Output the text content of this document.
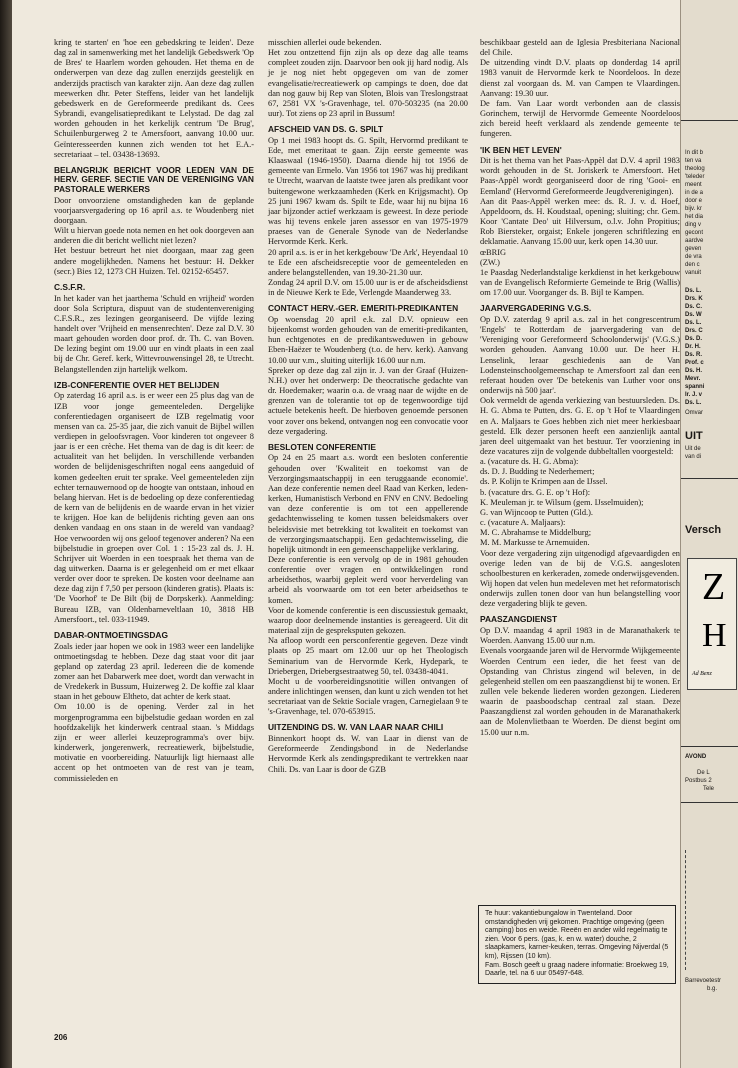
kring te starten' en 'hoe een gebedskring te leiden'. Deze dag zal in samenwerking met het landelijk Gebedswerk 'Op de Bres' te Haarlem worden gehouden. Het thema en de onderwerpen van deze dag zullen enerzijds geestelijk en anderzijds practisch van karakter zijn. Aan deze dag zullen meewerken dhr. Peter Steffens, leider van het landelijk gebedswerk en de Gereformeerde predikant ds. Cees Sybrandi, evangelisatiepredikant te Lelystad. De dag zal worden gehouden in het kerkelijk centrum 'De Brug', Schuilenburgerweg 2 te Amersfoort, aanvang 10.00 uur. Geïnteresseerden kunnen zich wenden tot het E.A.-secretariaat – tel. 03438-13693.

BELANGRIJK BERICHT VOOR LEDEN VAN DE HERV. GEREF. SECTIE VAN DE VERENIGING VAN PASTORALE WERKERS

Door onvoorziene omstandigheden kan de geplande voorjaarsvergadering op 16 april a.s. te Woudenberg niet doorgaan.

Wilt u hiervan goede nota nemen en het ook doorgeven aan anderen die dit bericht wellicht niet lezen?

Het bestuur betreurt het niet doorgaan, maar zag geen andere mogelijkheden. Namens het bestuur: H. Dekker (secr.) Bies 12, 1273 CH Huizen. Tel. 02152-65457.

C.S.F.R.

In het kader van het jaarthema 'Schuld en vrijheid' worden door Sola Scriptura, dispuut van de studentenvereniging C.F.S.R., zes lezingen georganiseerd. De vijfde lezing handelt over 'Vrijheid en mensenrechten'. Deze zal D.V. 30 maart gehouden worden door prof. dr. Th. C. van Boven. De lezing begint om 19.00 uur en vindt plaats in een zaal bij de Chr. Geref. kerk, Wittevrouwensingel 28, te Utrecht. Belangstellenden zijn hartelijk welkom.

IZB-CONFERENTIE OVER HET BELIJDEN

Op zaterdag 16 april a.s. is er weer een 25 plus dag van de IZB voor jonge gemeenteleden. Dergelijke conferentiedagen organiseert de IZB regelmatig voor mensen van ca. 25-35 jaar, die zich vanuit de Bijbel willen verdiepen in geloofsvragen. Voor kinderen tot ongeveer 8 jaar is er een crèche. Het thema van de dag is dit keer: de actualiteit van het belijden. In verschillende verbanden worden de belijdenisgeschriften nogal eens aangeduid of komen gedeelten eruit ter sprake. Veel gemeenteleden zijn echter ternauwernood op de hoogte van ontstaan, inhoud en belang hiervan. Het is de bedoeling op deze conferentiedag de kern van de belijdenis en de waarde ervan in het vizier te krijgen. Hoe kan de belijdenis richting geven aan ons denken vandaag en ons staan in de wereld van vandaag? Hoe verwoorden wij ons geloof tegenover anderen? Na een bijbelstudie in groepen over Col. 1 : 15-23 zal ds. J. H. Schrijver uit Woerden in een toespraak het thema van de dag uitwerken. Daarna is er gelegenheid om er met elkaar verder over door te spreken. De kosten voor deelname aan deze dag zijn f 7,50 per persoon (kinderen gratis). Plaats is: 'De Voorhof' te De Bilt (bij de Dorpskerk). Aanmelding: Bureau IZB, van Oldenbarneveltlaan 10, 3818 HB Amersfoort., tel. 033-11949.

DABAR-ONTMOETINGSDAG

Zoals ieder jaar hopen we ook in 1983 weer een landelijke ontmoetingsdag te hebben. Deze dag staat voor dit jaar gepland op zaterdag 23 april. Iedereen die de komende zomer aan het Dabarwerk mee doet, wordt dan verwacht in de Vredekerk in Bussum, Huizerweg 2. De koffie zal klaar staan in het gebouw Eltheto, dat achter de kerk staat.

Om 10.00 is de opening. Verder zal in het morgenprogramma een bijbelstudie gedaan worden en zal hoofdzakelijk het kinderwerk centraal staan. 's Middags zijn er weer allerlei keuzeprogramma's over bijv. kinderwerk, jongerenwerk, recreatiewerk, bijbelstudie, motivatie en voorbereiding. Natuurlijk ligt hiernaast alle accent op het ontmoeten van de rest van je team, commissieleden en

misschien allerlei oude bekenden.

Het zou ontzettend fijn zijn als op deze dag alle teams compleet zouden zijn. Daarvoor ben ook jij hard nodig. Als je je nog niet hebt opgegeven om van de zomer evangelisatie/recreatiewerk op campings te doen, doe dat dan nog gauw bij Rep van Sloten, Blois van Treslongstraat 67, 2581 VX 's-Gravenhage, tel. 070-503235 (na 20.00 uur). Tot ziens op 23 april in Bussum!

AFSCHEID VAN DS. G. SPILT

Op 1 mei 1983 hoopt ds. G. Spilt, Hervormd predikant te Ede, met emeritaat te gaan. Zijn eerste gemeente was Klaaswaal (1946-1950). Daarna diende hij tot 1956 de gemeente van Ermelo. Van 1956 tot 1967 was hij predikant te Utrecht, waarvan de laatste twee jaren als predikant voor buitengewone werkzaamheden (Kerk en Krijgsmacht). Op 25 juni 1967 kwam ds. Spilt te Ede, waar hij nu bijna 16 jaar bijzonder actief werkzaam is geweest. In deze periode was hij tevens enkele jaren assessor en van 1975-1979 praeses van de Generale Synode van de Nederlandse Hervormde Kerk. Kerk.

20 april a.s. is er in het kerkgebouw 'De Ark', Heyendaal 10 te Ede een afscheidsreceptie voor de gemeenteleden en andere belangstellenden, van 19.30-21.30 uur.

Zondag 24 april D.V. om 15.00 uur is er de afscheidsdienst in de Nieuwe Kerk te Ede, Verlengde Maanderweg 33.

CONTACT HERV.-GER. EMERITI-PREDIKANTEN

Op woensdag 20 april e.k. zal D.V. opnieuw een bijeenkomst worden gehouden van de emeriti-predikanten, hun echtgenotes en de predikantsweduwen in gebouw Eben-Haëzer te Woudenberg (t.o. de herv. kerk). Aanvang 10.00 uur v.m., sluiting uiterlijk 16.00 uur n.m.

Spreker op deze dag zal zijn ir. J. van der Graaf (Huizen-N.H.) over het onderwerp: De theocratische gedachte van dr. Hoedemaker; waarin o.a. de vraag naar de wijdte en de grenzen van de tolerantie tot op de tegenwoordige tijd actuele betekenis heeft. De hierboven genoemde personen voor zover ons bekend, ontvangen nog een convocatie voor deze vergadering.

BESLOTEN CONFERENTIE

Op 24 en 25 maart a.s. wordt een besloten conferentie gehouden over 'Kwaliteit en toekomst van de Verzorgingsmaatschappij in een teruggaande economie'. Aan deze conferentie nemen deel Raad van Kerken, leden-kerken, Humanistisch Verbond en FNV en CNV. Bedoeling van deze conferentie is om tot een appellerende gedachtenwisseling te komen tussen beleidsmakers over beleidsvisie met betrekking tot kwaliteit en toekomst van de verzorgingsmaatschappij. Een gedachtenwisseling, die hopelijk uitmondt in een gemeenschappelijke verklaring.

Deze conferentie is een vervolg op de in 1981 gehouden conferentie over vragen en ontwikkelingen rond arbeidsethos, waarbij gepleit werd voor herverdeling van arbeid als voorwaarde om tot een beter arbeidsethos te komen.

Voor de komende conferentie is een discussiestuk gemaakt, waarop door deelnemende instanties is gereageerd. Uit dit materiaal zijn de gespreksputen gekozen.

Na afloop wordt een persconferentie gegeven. Deze vindt plaats op 25 maart om 12.00 uur op het Theologisch Seminarium van de Hervormde Kerk, Hydepark, te Driebergen, Driebergsestraatweg 50, tel. 03438-4041.

Mocht u de voorbereidingsnotitie willen ontvangen of andere inlichtingen wensen, dan kunt u zich wenden tot het secretariaat van de Sektie Sociale vragen, Carnegielaan 9 te 's-Gravenhage, tel. 070-653915.

UITZENDING DS. W. VAN LAAR NAAR CHILI

Binnenkort hoopt ds. W. van Laar in dienst van de Gereformeerde Zendingsbond in de Nederlandse Hervormde Kerk als zendingspredikant te vertrekken naar Chili. Ds. van Laar is door de GZB

beschikbaar gesteld aan de Iglesia Presbiteriana Nacional del Chile.

De uitzending vindt D.V. plaats op donderdag 14 april 1983 vanuit de Hervormde kerk te Noordeloos. In deze dienst zal voorgaan ds. M. van Campen te Vlaardingen. Aanvang: 19.30 uur.

De fam. Van Laar wordt verbonden aan de classis Gorinchem, terwijl de Hervormde Gemeente Noordeloos zich bereid heeft verklaard als zendende gemeente te fungeren.

'IK BEN HET LEVEN'

Dit is het thema van het Paas-Appèl dat D.V. 4 april 1983 wordt gehouden in de St. Joriskerk te Amersfoort. Het Paas-Appèl wordt georganiseerd door de ring 'Gooi- en Eemland' (Hervormd Gereformeerde Jeugdverenigingen).

Aan dit Paas-Appèl werken mee: ds. R. J. v. d. Hoef, Appeldoorn, ds. H. Koudstaal, opening; sluiting; chr. Gem. Koor 'Cantate Deo' uit Hilversum, o.l.v. John Propitius; Rob Biersteker, orgaist; Enkele jongeren schriftlezing en deklamatie. Aanvang 15.00 uur, kerk open 14.30 uur.

œBRIG

(ZW.)

1e Paasdag Nederlandstalige kerkdienst in het kerkgebouw van de Evangelisch Reformierte Gemeinde te Brig (Wallis) om 17.00 uur. Voorganger ds. B. Bijl te Kampen.

JAARVERGADERING V.G.S.

Op D.V. zaterdag 9 april a.s. zal in het congrescentrum 'Engels' te Rotterdam de jaarvergadering van de 'Vereniging voor Gereformeerd Schoolonderwijs' (V.G.S.) worden gehouden. Aanvang 10.00 uur. De heer H. Lenselink, leraar geschiedenis aan de Van Lodensteinschoolgemeenschap te Amersfoort zal dan een referaat houden over 'De betekenis van Luther voor ons onderwijs nà 500 jaar'.

Ook vermeldt de agenda verkiezing van bestuursleden. Ds. H. G. Abma te Putten, drs. G. E. op 't Hof te Vlaardingen en A. Maljaars te Goes hebben zich niet meer herkiesbaar gesteld. Elk dezer personen heeft een aanzienlijk aantal jaren deel uitgemaakt van het bestuur. Ter voorziening in deze vacatures zijn de volgende dubbeltallen voorgesteld:

a. (vacature ds. H. G. Abma):

ds. D. J. Budding te Nederhemert;

ds. P. Kolijn te Krimpen aan de IJssel.

b. (vacature drs. G. E. op 't Hof):

K. Meuleman jr. te Wilsum (gem. IJsselmuiden);

G. van Wijncoop te Putten (Gld.).

c. (vacature A. Maljaars):

M. C. Abrahamse te Middelburg;

M. M. Markusse te Arnemuiden.

Voor deze vergadering zijn uitgenodigd afgevaardigden en overige leden van de bij de V.G.S. aangesloten schoolbesturen en kerkeraden, zomede onderwijsgevenden.

Wij hopen dat velen hun medeleven met het reformatorisch onderwijs zullen tonen door van hun belangstelling voor deze vergadering blijk te geven.

PAASZANGDIENST

Op D.V. maandag 4 april 1983 in de Maranathakerk te Woerden. Aanvang 15.00 uur n.m.

Evenals voorgaande jaren wil de Hervormde Wijkgemeente Woerden Centrum een ieder, die het feest van de Opstanding van Christus zingend wil beleven, in de gelegenheid stellen om een paaszangdienst bij te wonen. Er zullen vele bekende liederen worden gezongen. Liederen waarin de paasboodschap centraal zal staan. Deze Paaszangdienst zal worden gehouden in de Maranathakerk aan de Molenvlietbaan te Woerden. De dienst begint om 15.00 uur n.m.

Te huur: vakantiebungalow in Twenteland. Door omstandigheden vrij gekomen. Prachtige omgeving (geen camping) bos en weide. Reeën en ander wild regelmatig te zien. Voor 6 pers. (gas, k. en w. water) douche, 2 slaapkamers, karner-keuken, terras. Omgeving Nijverdal (5 km), Rijssen (10 km).

Fam. Bosch geeft u graag nadere informatie: Broekweg 19, Daarle, tel. na 6 uur 05497-648.

206
Omvar
UIT
Uit de
van di
Versch
Z
H
Ad Benz
AVOND
De L
Postbus 2
Tele
Barrevoetestr
b.g.
In dit b
ten va
theolog
'teleder
meent
in de a
door e
bijv. kr
het dia
ding v
gecont
aardve
geven
de vra
den c
vanuit
Ds. L.
Drs. K
Ds. C.
Ds. W
Ds. L.
Drs. C
Ds. D.
Dr. H.
Ds. R.
Prof. c
Ds. H.
Mevr.
spanni
Ir. J. v
Ds. L.
